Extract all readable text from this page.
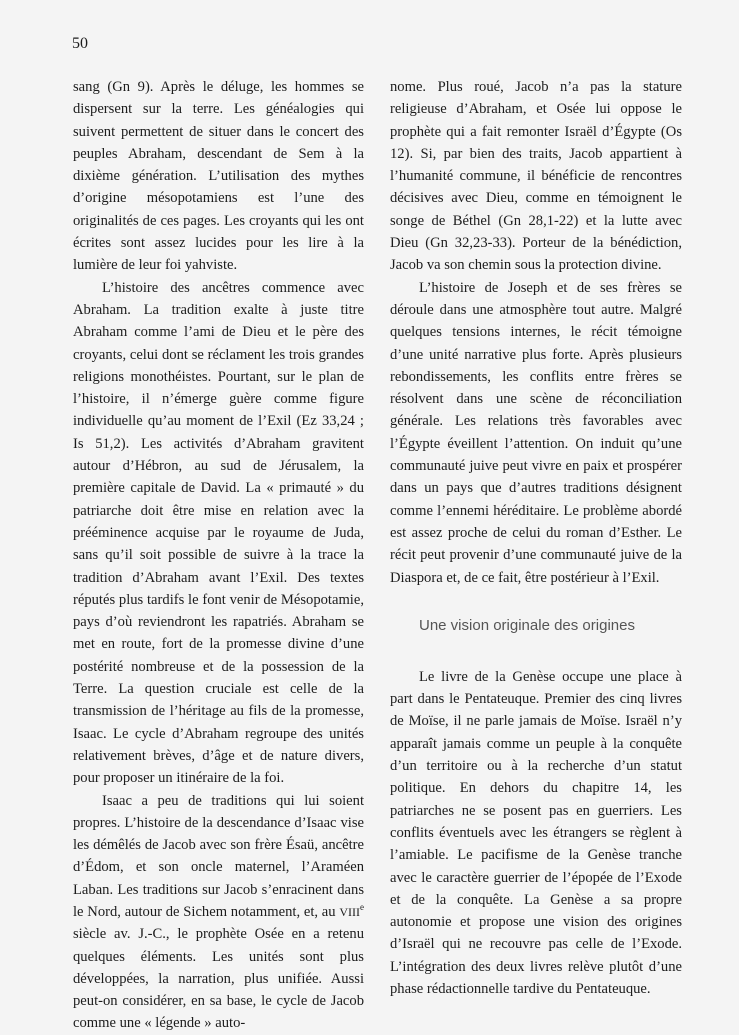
50

sang (Gn 9). Après le déluge, les hommes se dispersent sur la terre. Les généalogies qui suivent permettent de situer dans le concert des peuples Abraham, descendant de Sem à la dixième génération. L’utilisation des mythes d’origine mésopotamiens est l’une des originalités de ces pages. Les croyants qui les ont écrites sont assez lucides pour les lire à la lumière de leur foi yahviste.

L’histoire des ancêtres commence avec Abraham. La tradition exalte à juste titre Abraham comme l’ami de Dieu et le père des croyants, celui dont se réclament les trois grandes religions monothéistes. Pourtant, sur le plan de l’histoire, il n’émerge guère comme figure individuelle qu’au moment de l’Exil (Ez 33,24 ; Is 51,2). Les activités d’Abraham gravitent autour d’Hébron, au sud de Jérusalem, la première capitale de David. La « primauté » du patriarche doit être mise en relation avec la prééminence acquise par le royaume de Juda, sans qu’il soit possible de suivre à la trace la tradition d’Abraham avant l’Exil. Des textes réputés plus tardifs le font venir de Mésopotamie, pays d’où reviendront les rapatriés. Abraham se met en route, fort de la promesse divine d’une postérité nombreuse et de la possession de la Terre. La question cruciale est celle de la transmission de l’héritage au fils de la promesse, Isaac. Le cycle d’Abraham regroupe des unités relativement brèves, d’âge et de nature divers, pour proposer un itinéraire de la foi.

Isaac a peu de traditions qui lui soient propres. L’histoire de la descendance d’Isaac vise les démêlés de Jacob avec son frère Ésaü, ancêtre d’Édom, et son oncle maternel, l’Araméen Laban. Les traditions sur Jacob s’enracinent dans le Nord, autour de Sichem notamment, et, au VIIIe siècle av. J.-C., le prophète Osée en a retenu quelques éléments. Les unités sont plus développées, la narration, plus unifiée. Aussi peut-on considérer, en sa base, le cycle de Jacob comme une « légende » auto-

nome. Plus roué, Jacob n’a pas la stature religieuse d’Abraham, et Osée lui oppose le prophète qui a fait remonter Israël d’Égypte (Os 12). Si, par bien des traits, Jacob appartient à l’humanité commune, il bénéficie de rencontres décisives avec Dieu, comme en témoignent le songe de Béthel (Gn 28,1-22) et la lutte avec Dieu (Gn 32,23-33). Porteur de la bénédiction, Jacob va son chemin sous la protection divine.

L’histoire de Joseph et de ses frères se déroule dans une atmosphère tout autre. Malgré quelques tensions internes, le récit témoigne d’une unité narrative plus forte. Après plusieurs rebondissements, les conflits entre frères se résolvent dans une scène de réconciliation générale. Les relations très favorables avec l’Égypte éveillent l’attention. On induit qu’une communauté juive peut vivre en paix et prospérer dans un pays que d’autres traditions désignent comme l’ennemi héréditaire. Le problème abordé est assez proche de celui du roman d’Esther. Le récit peut provenir d’une communauté juive de la Diaspora et, de ce fait, être postérieur à l’Exil.

Une vision originale des origines

Le livre de la Genèse occupe une place à part dans le Pentateuque. Premier des cinq livres de Moïse, il ne parle jamais de Moïse. Israël n’y apparaît jamais comme un peuple à la conquête d’un territoire ou à la recherche d’un statut politique. En dehors du chapitre 14, les patriarches ne se posent pas en guerriers. Les conflits éventuels avec les étrangers se règlent à l’amiable. Le pacifisme de la Genèse tranche avec le caractère guerrier de l’épopée de l’Exode et de la conquête. La Genèse a sa propre autonomie et propose une vision des origines d’Israël qui ne recouvre pas celle de l’Exode. L’intégration des deux livres relève plutôt d’une phase rédactionnelle tardive du Pentateuque.
